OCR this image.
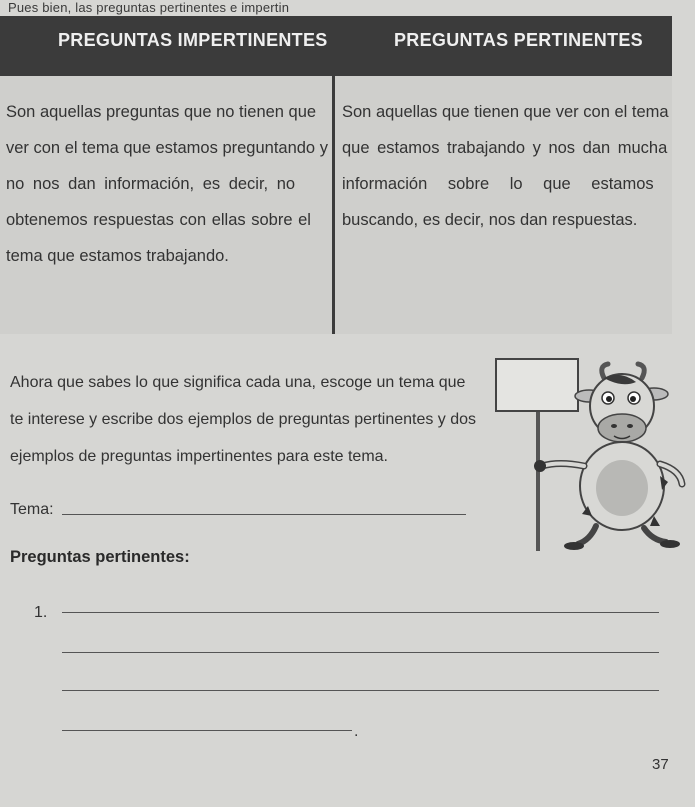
Pues bien, las preguntas pertinentes e impertin
PREGUNTAS IMPERTINENTES	PREGUNTAS PERTINENTES
Son aquellas preguntas que no tienen que
ver con el tema que estamos preguntando y
no nos dan información, es decir, no
obtenemos respuestas con ellas sobre el
tema que estamos trabajando.
Son aquellas que tienen que ver con el tema
que estamos trabajando y nos dan mucha
información sobre lo que estamos
buscando, es decir, nos dan respuestas.
Ahora que sabes lo que significa cada una, escoge un tema que
te interese y escribe dos ejemplos de preguntas pertinentes y dos
ejemplos de preguntas impertinentes para este tema.
Tema:
Preguntas pertinentes:
1.
.
37
